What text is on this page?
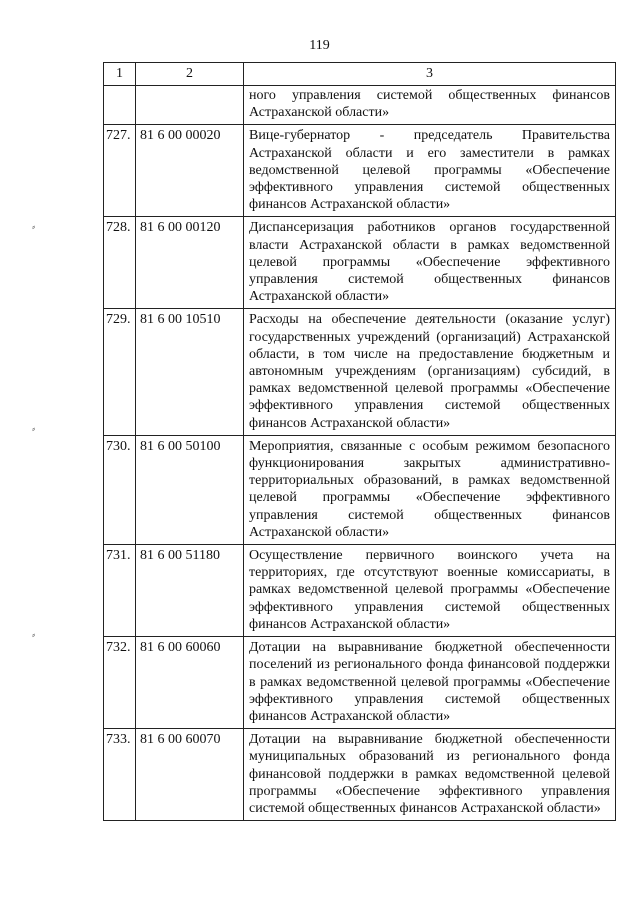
119
⸗
⸗
⸗
1	2	3
		ного управления системой общественных финансов Астраханской области»
727.	81 6 00 00020	Вице-губернатор - председатель Правительства Астраханской области и его заместители в рамках ведомственной целевой программы «Обеспечение эффективного управления системой общественных финансов Астраханской области»
728.	81 6 00 00120	Диспансеризация работников органов государственной власти Астраханской области в рамках ведомственной целевой программы «Обеспечение эффективного управления системой общественных финансов Астраханской области»
729.	81 6 00 10510	Расходы на обеспечение деятельности (оказание услуг) государственных учреждений (организаций) Астраханской области, в том числе на предоставление бюджетным и автономным учреждениям (организациям) субсидий, в рамках ведомственной целевой программы «Обеспечение эффективного управления системой общественных финансов Астраханской области»
730.	81 6 00 50100	Мероприятия, связанные с особым режимом безопасного функционирования закрытых административно-территориальных образований, в рамках ведомственной целевой программы «Обеспечение эффективного управления системой общественных финансов Астраханской области»
731.	81 6 00 51180	Осуществление первичного воинского учета на территориях, где отсутствуют военные комиссариаты, в рамках ведомственной целевой программы «Обеспечение эффективного управления системой общественных финансов Астраханской области»
732.	81 6 00 60060	Дотации на выравнивание бюджетной обеспеченности поселений из регионального фонда финансовой поддержки в рамках ведомственной целевой программы «Обеспечение эффективного управления системой общественных финансов Астраханской области»
733.	81 6 00 60070	Дотации на выравнивание бюджетной обеспеченности муниципальных образований из регионального фонда финансовой поддержки в рамках ведомственной целевой программы «Обеспечение эффективного управления системой общественных финансов Астраханской области»
